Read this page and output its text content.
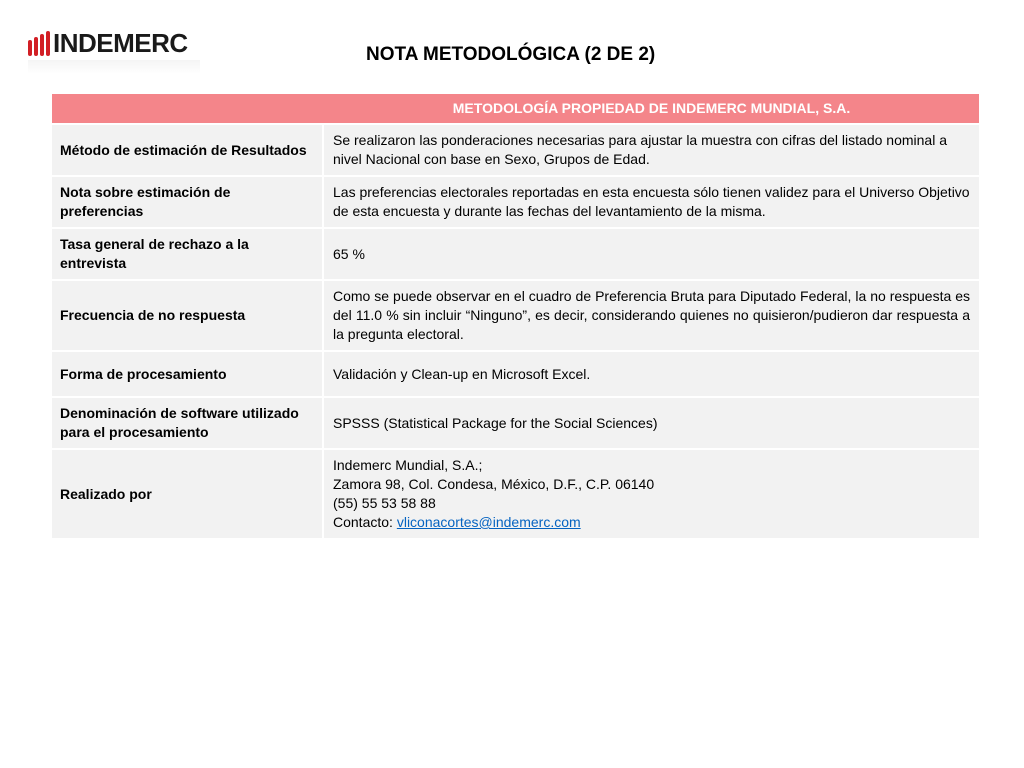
INDEMERC	NOTA METODOLÓGICA (2 DE 2)
	METODOLOGÍA PROPIEDAD DE INDEMERC MUNDIAL, S.A.
Método de estimación de Resultados	Se realizaron las ponderaciones necesarias para ajustar la muestra con cifras del listado nominal a nivel Nacional con base en Sexo, Grupos de Edad.
Nota sobre estimación de preferencias	Las preferencias electorales reportadas en esta encuesta sólo tienen validez para el Universo Objetivo de esta encuesta y durante las fechas del levantamiento de la misma.
Tasa general de rechazo a la entrevista	65 %
Frecuencia de no respuesta	Como se puede observar en el cuadro de Preferencia Bruta para Diputado Federal, la no respuesta es del 11.0 % sin incluir “Ninguno”, es decir, considerando quienes no quisieron/pudieron dar respuesta a la pregunta electoral.
Forma de procesamiento	Validación y Clean-up en Microsoft Excel.
Denominación de software utilizado para el procesamiento	SPSSS (Statistical Package for the Social Sciences)
Realizado por	Indemerc Mundial, S.A.;
Zamora 98, Col. Condesa, México, D.F., C.P. 06140
(55) 55 53 58 88
Contacto: vliconacortes@indemerc.com
